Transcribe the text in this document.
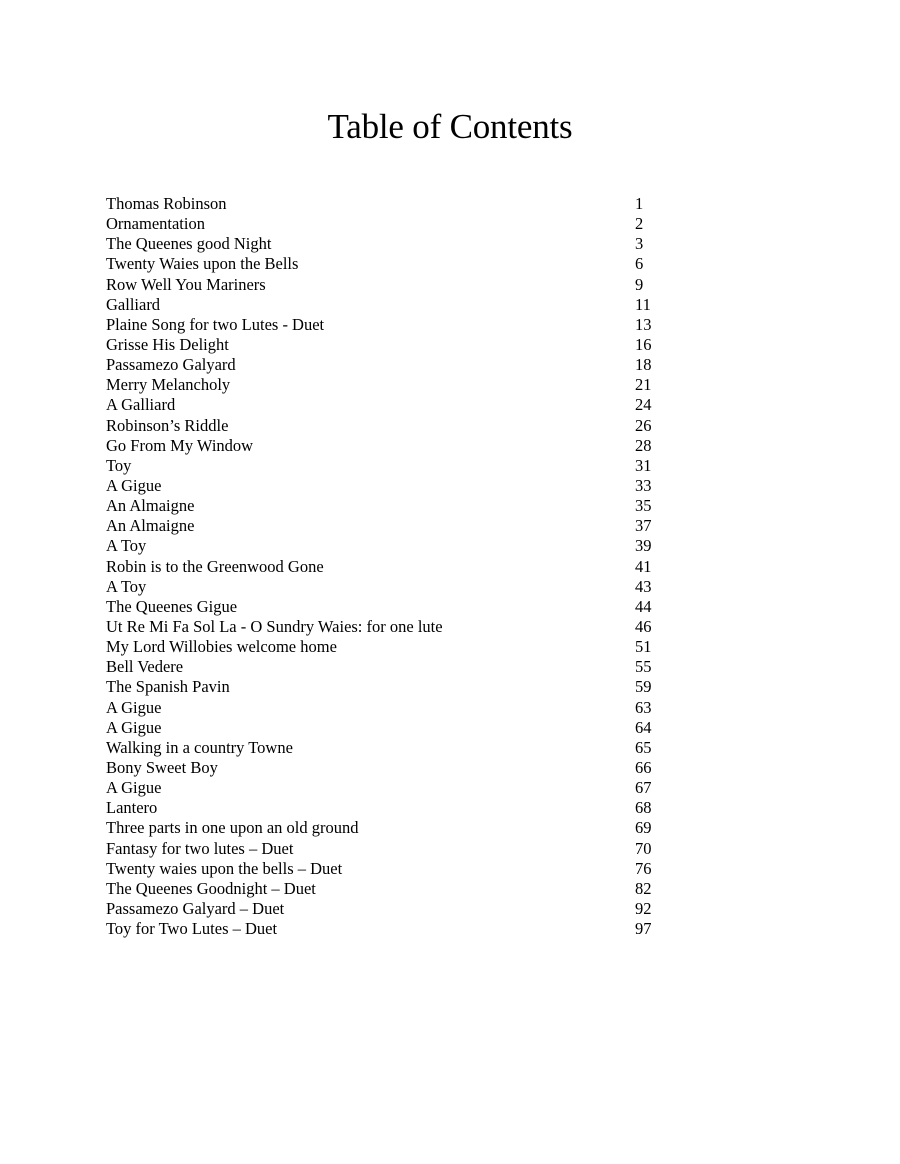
Table of Contents
Thomas Robinson	1
Ornamentation	2
The Queenes good Night	3
Twenty Waies upon the Bells	6
Row Well You Mariners	9
Galliard	11
Plaine Song for two Lutes - Duet	13
Grisse His Delight	16
Passamezo Galyard	18
Merry Melancholy	21
A Galliard	24
Robinson’s Riddle	26
Go From My Window	28
Toy	31
A Gigue	33
An Almaigne	35
An Almaigne	37
A Toy	39
Robin is to the Greenwood Gone	41
A Toy	43
The Queenes Gigue	44
Ut Re Mi Fa Sol La - O Sundry Waies: for one lute	46
My Lord Willobies welcome home	51
Bell Vedere	55
The Spanish Pavin	59
A Gigue	63
A Gigue	64
Walking in a country Towne	65
Bony Sweet Boy	66
A Gigue	67
Lantero	68
Three parts in one upon an old ground	69
Fantasy for two lutes – Duet	70
Twenty waies upon the bells – Duet	76
The Queenes Goodnight – Duet	82
Passamezo Galyard – Duet	92
Toy for Two Lutes – Duet	97
